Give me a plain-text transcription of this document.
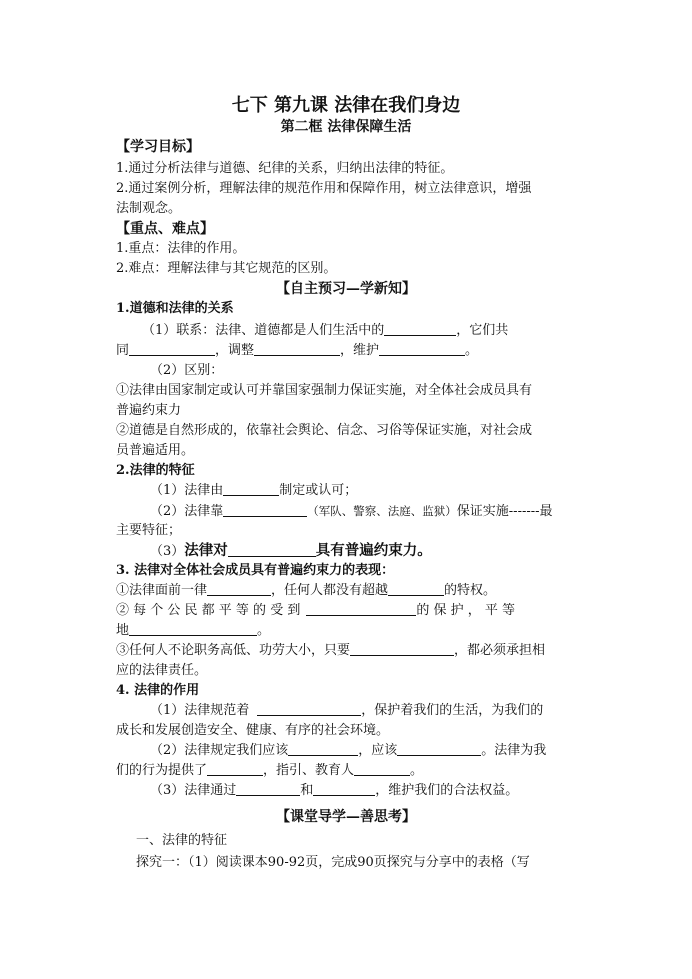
七下 第九课 法律在我们身边
第二框 法律保障生活
【学习目标】
1.通过分析法律与道德、纪律的关系，归纳出法律的特征。
2.通过案例分析，理解法律的规范作用和保障作用，树立法律意识，增强
法制观念。
【重点、难点】
1.重点：法律的作用。
2.难点：理解法律与其它规范的区别。
【自主预习—学新知】
1.道德和法律的关系
（1）联系：法律、道德都是人们生活中的	，它们共
同	，调整	，维护	。
（2）区别：
①法律由国家制定或认可并靠国家强制力保证实施，对全体社会成员具有
普遍约束力
②道德是自然形成的，依靠社会舆论、信念、习俗等保证实施，对社会成
员普遍适用。
2.法律的特征
（1）法律由	制定或认可；
（2）法律靠	（军队、警察、法庭、监狱）保证实施-------最
主要特征；
（3）法律对	具有普遍约束力。
3. 法律对全体社会成员具有普遍约束力的表现：
①法律面前一律	，任何人都没有超越	的特权。
② 每 个 公 民 都 平 等 的 受 到	的 保 护 ， 平 等
地	。
③任何人不论职务高低、功劳大小，只要	，都必须承担相
应的法律责任。
4. 法律的作用
（1）法律规范着	，保护着我们的生活，为我们的
成长和发展创造安全、健康、有序的社会环境。
（2）法律规定我们应该	，应该	。法律为我
们的行为提供了	，指引、教育人	。
（3）法律通过	和	，维护我们的合法权益。
【课堂导学—善思考】
一、法律的特征
探究一：（1）阅读课本90-92页，完成90页探究与分享中的表格（写
